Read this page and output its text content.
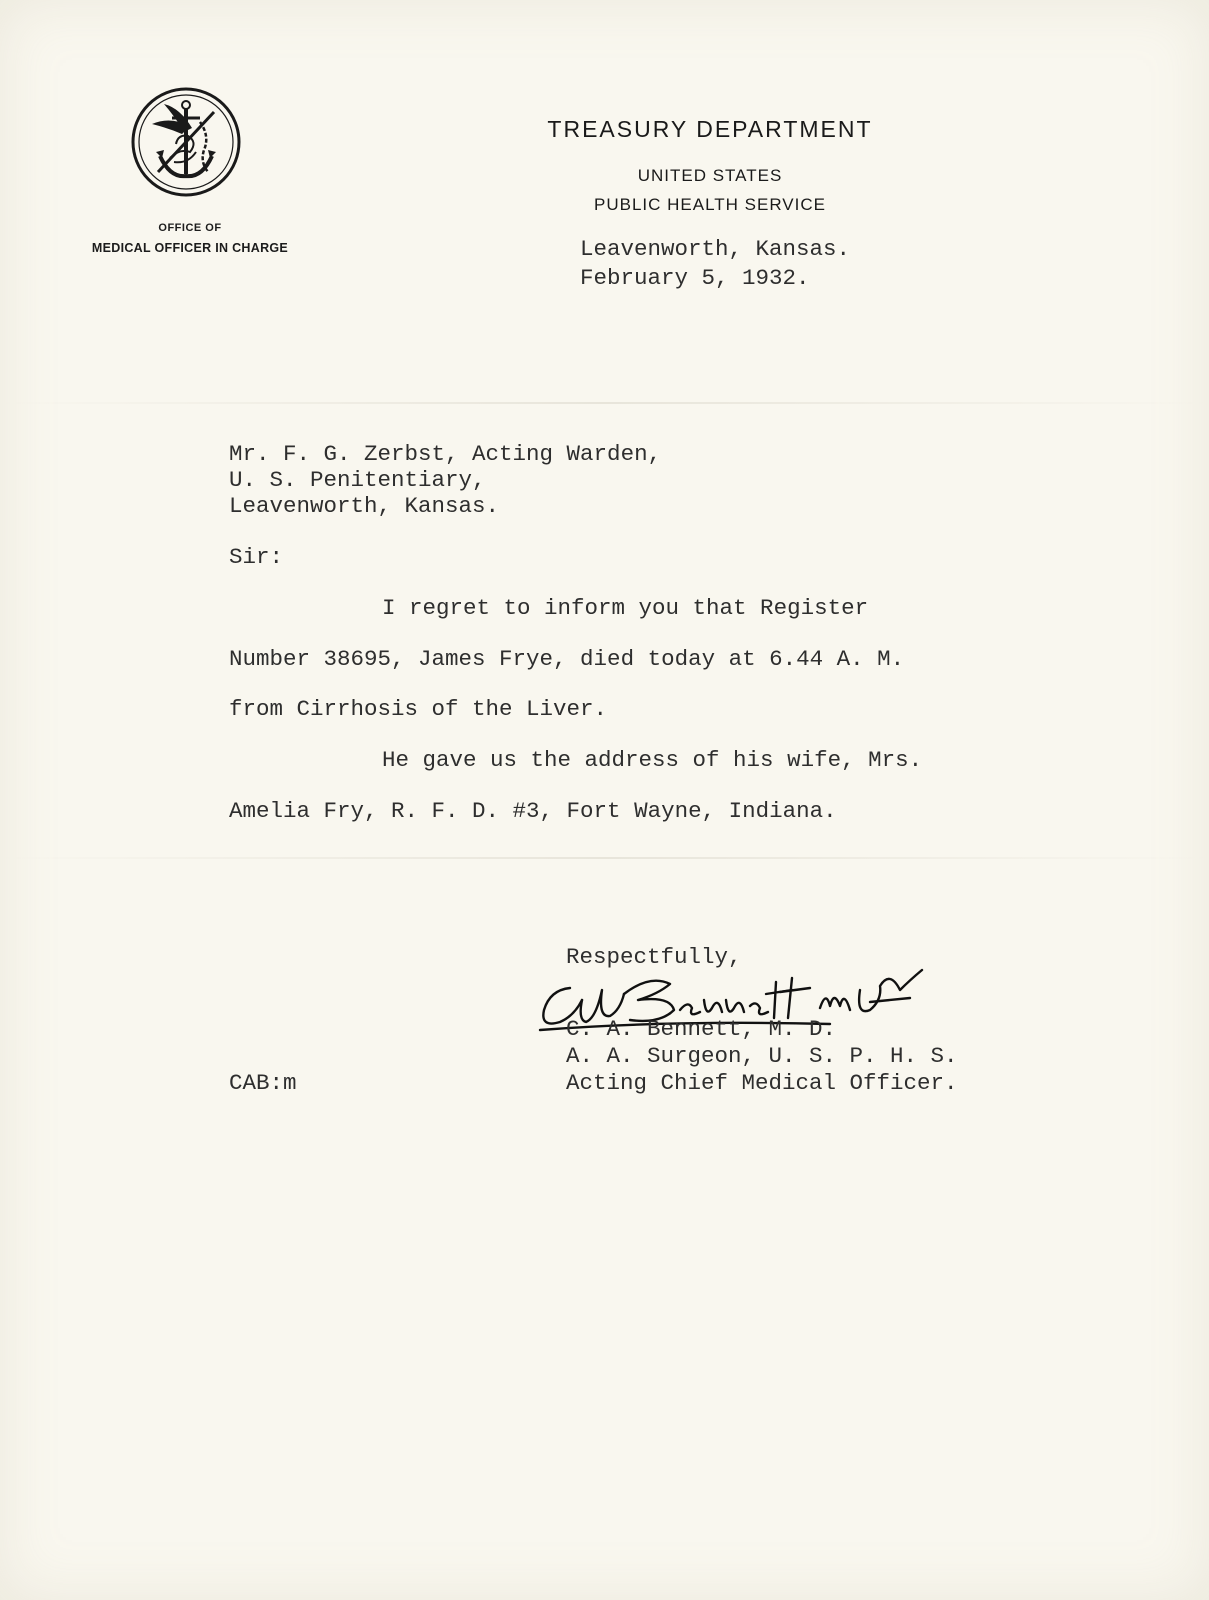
OFFICE OF
MEDICAL OFFICER IN CHARGE
TREASURY DEPARTMENT
UNITED STATES
PUBLIC HEALTH SERVICE
Leavenworth, Kansas.
February 5, 1932.
Mr. F. G. Zerbst, Acting Warden,
U. S. Penitentiary,
Leavenworth, Kansas.
Sir:
I regret to inform you that Register
Number 38695, James Frye, died today at 6.44 A. M.
from Cirrhosis of the Liver.
He gave us the address of his wife, Mrs.
Amelia Fry, R. F. D. #3, Fort Wayne, Indiana.
Respectfully,
C. A. Bennett, M. D.
A. A. Surgeon, U. S. P. H. S.
Acting Chief Medical Officer.
CAB:m
